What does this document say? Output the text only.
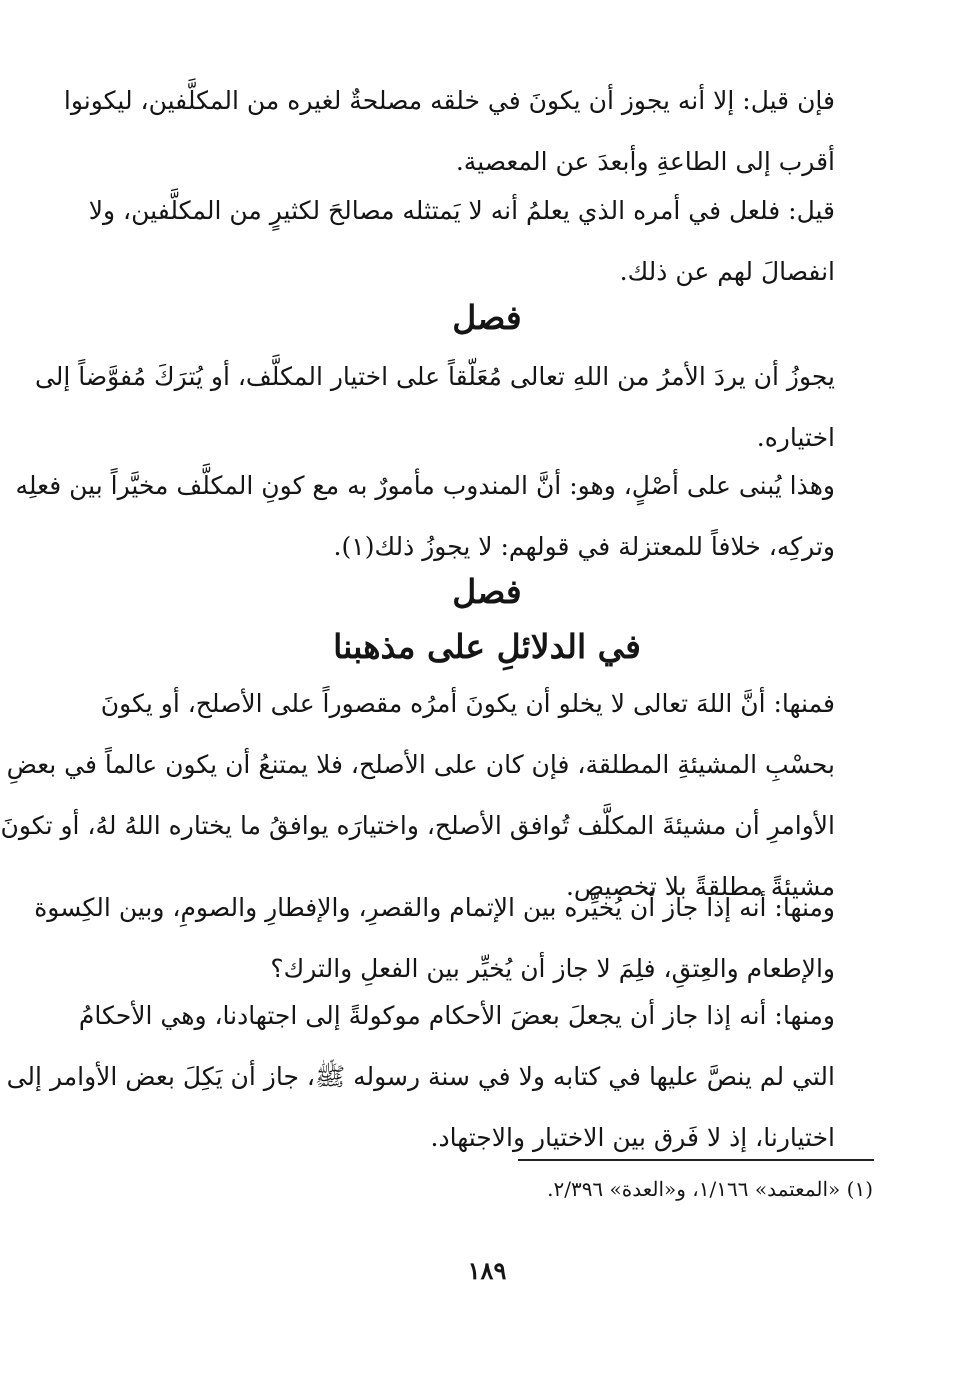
فإن قيل: إلا أنه يجوز أن يكونَ في خلقه مصلحةٌ لغيره من المكلَّفين، ليكونوا
أقرب إلى الطاعةِ وأبعدَ عن المعصية.
قيل: فلعل في أمره الذي يعلمُ أنه لا يَمتثله مصالحَ لكثيرٍ من المكلَّفين، ولا
انفصالَ لهم عن ذلك.
فصل
يجوزُ أن يردَ الأمرُ من اللهِ تعالى مُعَلّقاً على اختيار المكلَّف، أو يُترَكَ مُفوَّضاً إلى
اختياره.
وهذا يُبنى على أصْلٍ، وهو: أنَّ المندوب مأمورٌ به مع كونِ المكلَّف مخيَّراً بين فعلِه
وتركِه، خلافاً للمعتزلة في قولهم: لا يجوزُ ذلك(١).
فصل
في الدلائلِ على مذهبنا
فمنها: أنَّ اللهَ تعالى لا يخلو أن يكونَ أمرُه مقصوراً على الأصلح، أو يكونَ
بحسْبِ المشيئةِ المطلقة، فإن كان على الأصلح، فلا يمتنعُ أن يكون عالماً في بعضِ
الأوامرِ أن مشيئةَ المكلَّف تُوافق الأصلح، واختيارَه يوافقُ ما يختاره اللهُ لهُ، أو تكونَ
مشيئةً مطلقةً بلا تخصيص.
ومنها: أنه إذا جاز أن يُخيِّره بين الإتمام والقصرِ، والإفطارِ والصومِ، وبين الكِسوة
والإطعام والعِتقِ، فلِمَ لا جاز أن يُخيِّر بين الفعلِ والترك؟
ومنها: أنه إذا جاز أن يجعلَ بعضَ الأحكام موكولةً إلى اجتهادنا، وهي الأحكامُ
التي لم ينصَّ عليها في كتابه ولا في سنة رسوله ﷺ، جاز أن يَكِلَ بعض الأوامر إلى
اختيارنا، إذ لا فَرق بين الاختيار والاجتهاد.
(١) «المعتمد» ١/١٦٦، و«العدة» ٢/٣٩٦.
١٨٩
